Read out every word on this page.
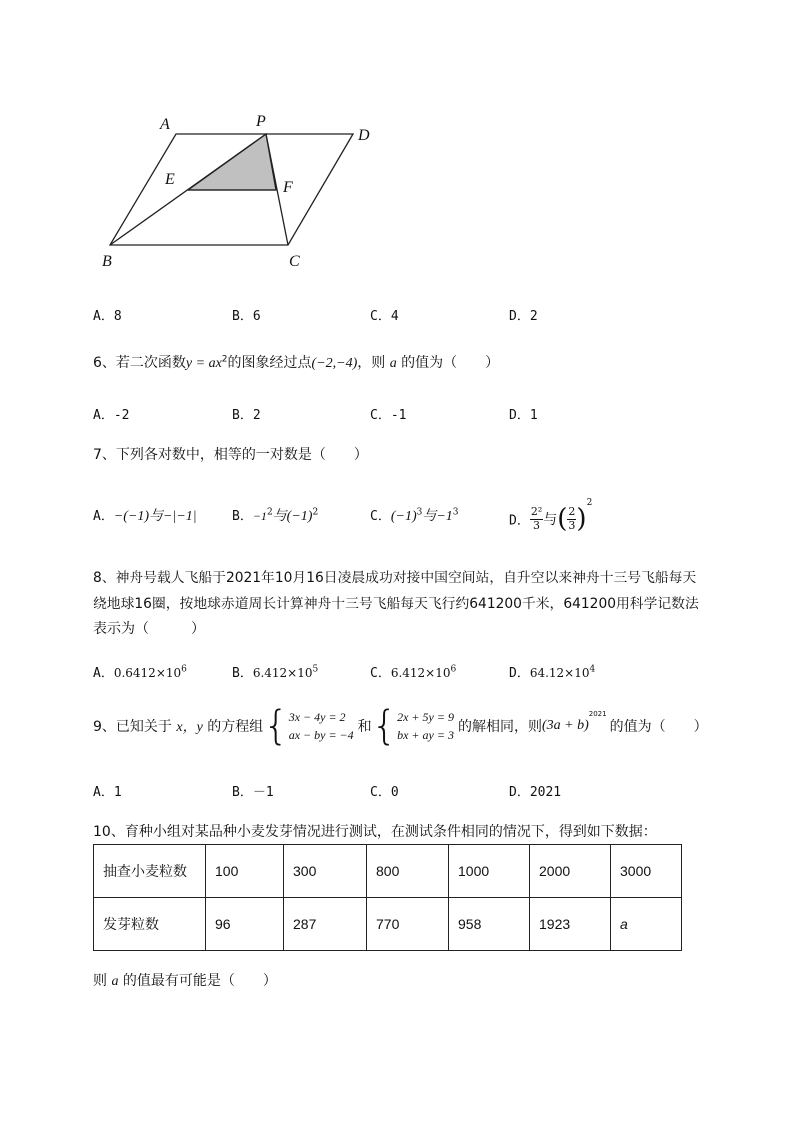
A	P
D
E	F
B	C
A．8	B．6	C．4	D．2
6、若二次函数$y = ax^2$的图象经过点(−2,−4)，则 a 的值为（　　）
A．-2	B．2	C．-1	D．1
7、下列各对数中，相等的一对数是（　　）
A．−(−1)与−|−1|	B．$-1^2$与$(-1)^2$	C．$(-1)^3$与$-1^3$
D． $\frac{\text{2²}}{3}$与( $\frac{2}{3})^2$
8、神舟号载人飞船于2021年10月16日凌晨成功对接中国空间站，自升空以来神舟十三号飞船每天
绕地球16圈，按地球赤道周长计算神舟十三号飞船每天飞行约641200千米，641200用科学记数法
表示为（　　　）
A．$0.6412\times 10^6$	B．$6.412\times 10^5$	C．$6.412\times 10^6$	D．$64.12\times 10^4$
9、已知关于 x，y 的方程组{ 3x − 4y = 2
ax − by = −4 和{ 2x + 5y = 9
bx + ay = 3 的解相同，则$(3a + b)^{2021}$的值为（　　）
A．1	B．－1	C．0	D．2021
10、育种小组对某品种小麦发芽情况进行测试，在测试条件相同的情况下，得到如下数据：
抽查小麦粒数	100	300	800	1000	2000	3000
发芽粒数	96	287	770	958	1923	a
则 a 的值最有可能是（　　）
